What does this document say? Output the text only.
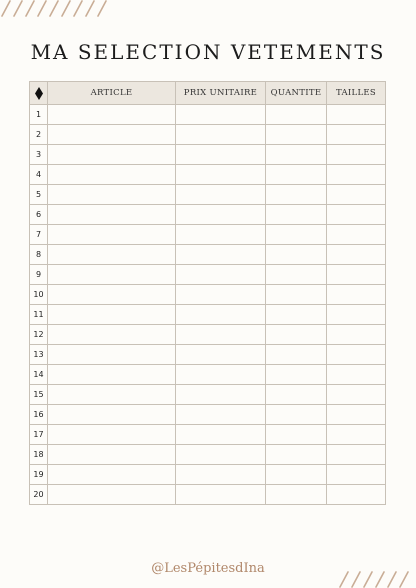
MA SELECTION VETEMENTS
	ARTICLE	PRIX UNITAIRE	QUANTITE	TAILLES
1				
2				
3				
4				
5				
6				
7				
8				
9				
10				
11				
12				
13				
14				
15				
16				
17				
18				
19				
20				

@LesPépitesdIna
